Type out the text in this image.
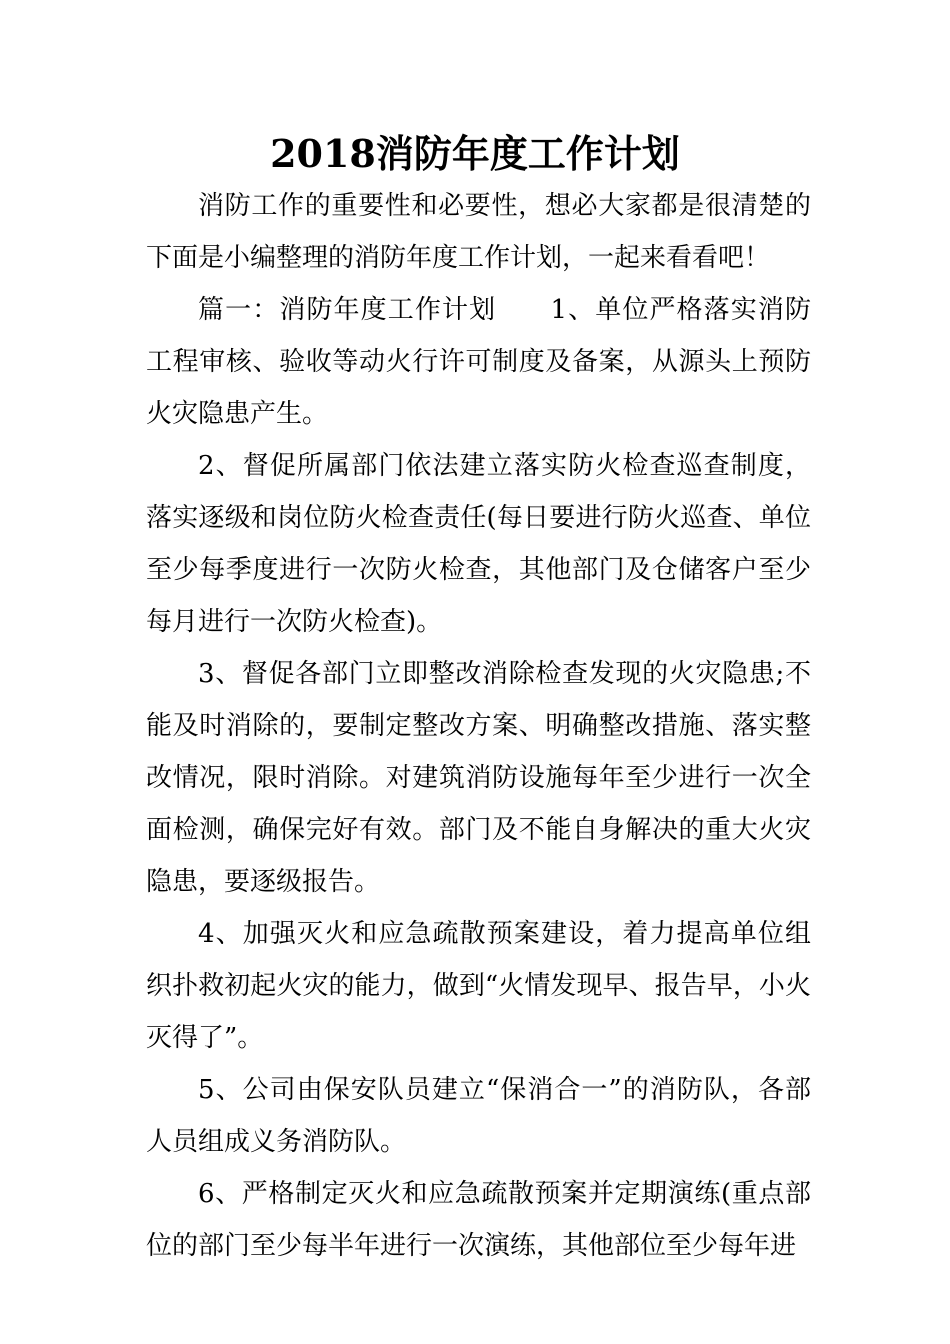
2018消防年度工作计划

消防工作的重要性和必要性，想必大家都是很清楚的下面是小编整理的消防年度工作计划，一起来看看吧！

篇一：消防年度工作计划　　1、单位严格落实消防工程审核、验收等动火行许可制度及备案，从源头上预防火灾隐患产生。

2、督促所属部门依法建立落实防火检查巡查制度，落实逐级和岗位防火检查责任(每日要进行防火巡查、单位至少每季度进行一次防火检查，其他部门及仓储客户至少每月进行一次防火检查)。

3、督促各部门立即整改消除检查发现的火灾隐患;不能及时消除的，要制定整改方案、明确整改措施、落实整改情况，限时消除。对建筑消防设施每年至少进行一次全面检测，确保完好有效。部门及不能自身解决的重大火灾隐患，要逐级报告。

4、加强灭火和应急疏散预案建设，着力提高单位组织扑救初起火灾的能力，做到“火情发现早、报告早，小火灭得了”。

5、公司由保安队员建立“保消合一”的消防队，各部人员组成义务消防队。

6、严格制定灭火和应急疏散预案并定期演练(重点部位的部门至少每半年进行一次演练，其他部位至少每年进
